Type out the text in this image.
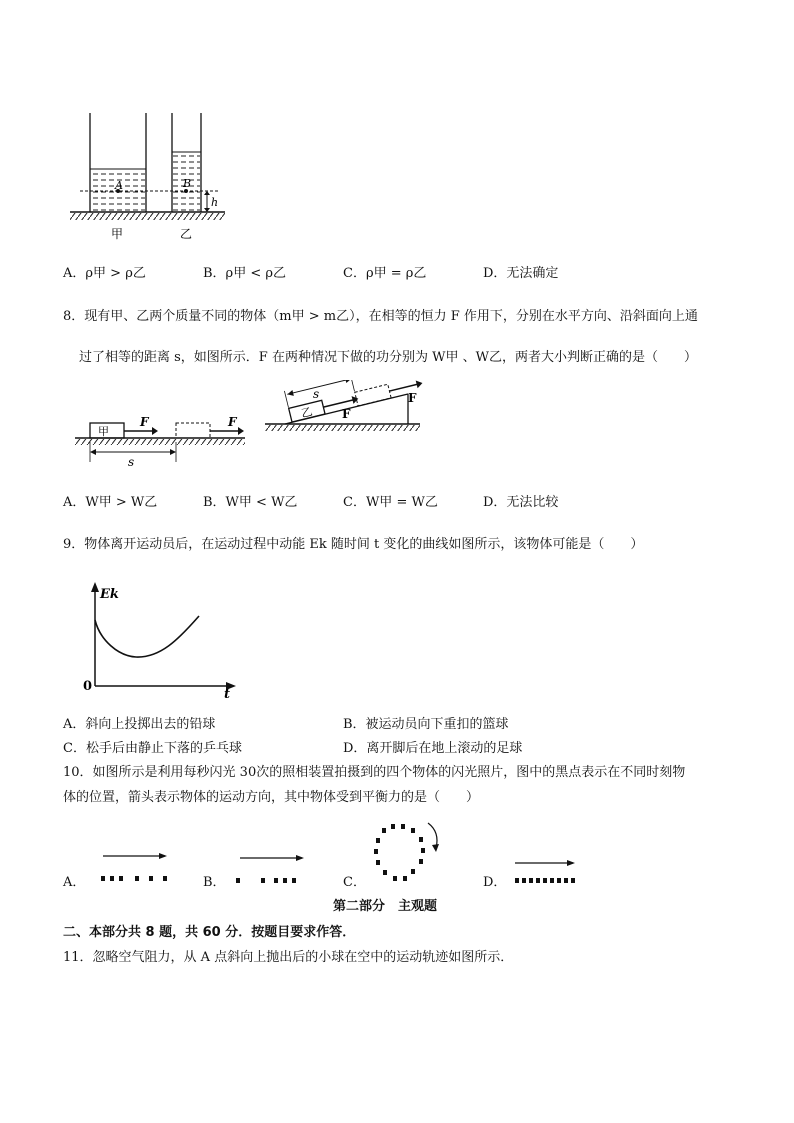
A	B
h
甲	乙
A．ρ甲 > ρ乙	B．ρ甲 < ρ乙	C．ρ甲 = ρ乙	D．无法确定
8．现有甲、乙两个质量不同的物体（m甲 > m乙），在相等的恒力 F 作用下，分别在水平方向、沿斜面向上通
过了相等的距离 s，如图所示．F 在两种情况下做的功分别为 W甲 、W乙，两者大小判断正确的是（　　）
甲
F	F
s
乙
s
F
F
A．W甲 > W乙	B．W甲 < W乙	C．W甲 = W乙	D．无法比较
9．物体离开运动员后，在运动过程中动能 Ek 随时间 t 变化的曲线如图所示，该物体可能是（　　）
Ek
t
0
A．斜向上投掷出去的铅球	B．被运动员向下重扣的篮球
C．松手后由静止下落的乒乓球	D．离开脚后在地上滚动的足球
10．如图所示是利用每秒闪光 30次的照相装置拍摄到的四个物体的闪光照片，图中的黑点表示在不同时刻物
体的位置，箭头表示物体的运动方向，其中物体受到平衡力的是（　　）
A．	B．	C．	D．
第二部分　主观题
二、本部分共 8 题，共 60 分．按题目要求作答．
11．忽略空气阻力，从 A 点斜向上抛出后的小球在空中的运动轨迹如图所示．
